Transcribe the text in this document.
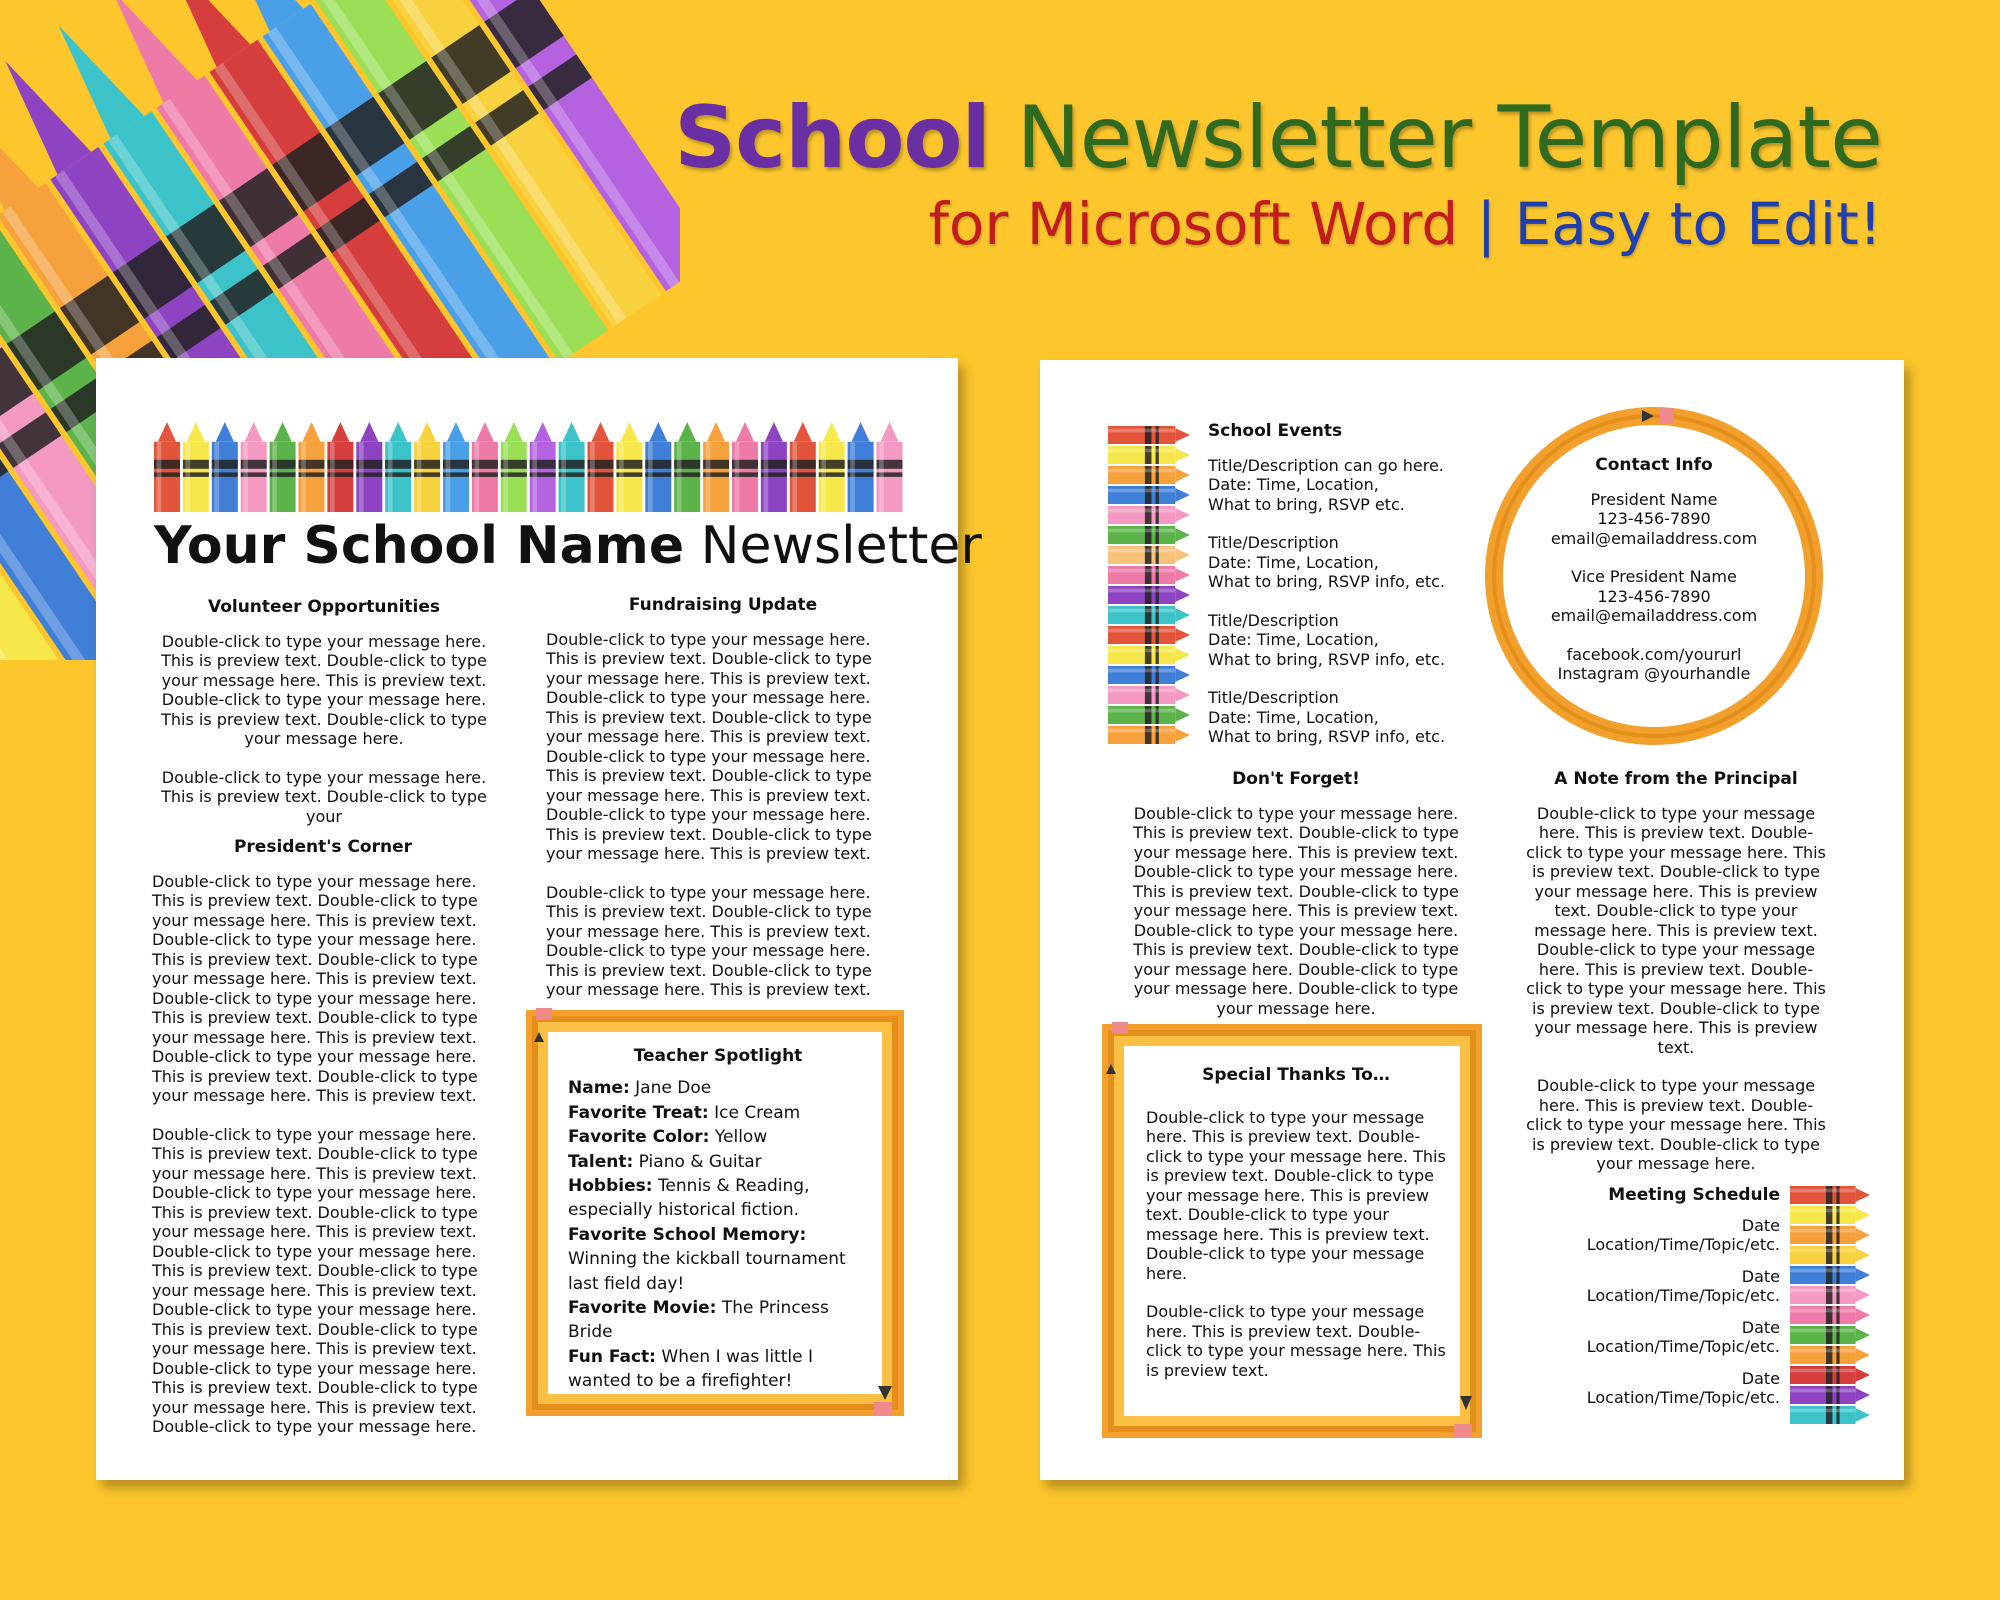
School Newsletter Template
for Microsoft Word | Easy to Edit!
Your School Name Newsletter
Volunteer Opportunities

Double-click to type your message here. This is preview text. Double-click to type your message here. This is preview text. Double-click to type your message here. This is preview text. Double-click to type your message here.

Double-click to type your message here. This is preview text. Double-click to type your

President's Corner

Double-click to type your message here. This is preview text. Double-click to type your message here. This is preview text. Double-click to type your message here. This is preview text. Double-click to type your message here. This is preview text. Double-click to type your message here. This is preview text. Double-click to type your message here. This is preview text. Double-click to type your message here. This is preview text. Double-click to type your message here. This is preview text.

Double-click to type your message here. This is preview text. Double-click to type your message here. This is preview text. Double-click to type your message here. This is preview text. Double-click to type your message here. This is preview text. Double-click to type your message here. This is preview text. Double-click to type your message here. This is preview text. Double-click to type your message here. This is preview text. Double-click to type your message here. This is preview text. Double-click to type your message here. This is preview text. Double-click to type your message here. This is preview text. Double-click to type your message here.

Fundraising Update

Double-click to type your message here. This is preview text. Double-click to type your message here. This is preview text. Double-click to type your message here. This is preview text. Double-click to type your message here. This is preview text. Double-click to type your message here. This is preview text. Double-click to type your message here. This is preview text. Double-click to type your message here. This is preview text. Double-click to type your message here. This is preview text.

Double-click to type your message here. This is preview text. Double-click to type your message here. This is preview text. Double-click to type your message here. This is preview text. Double-click to type your message here. This is preview text.

Teacher Spotlight
Name: Jane Doe
Favorite Treat: Ice Cream
Favorite Color: Yellow
Talent: Piano & Guitar
Hobbies: Tennis & Reading, especially historical fiction.
Favorite School Memory: Winning the kickball tournament last field day!
Favorite Movie: The Princess Bride
Fun Fact: When I was little I wanted to be a firefighter!
School Events
Title/Description can go here.
Date: Time, Location,
What to bring, RSVP etc.
Title/Description
Date: Time, Location,
What to bring, RSVP info, etc.
Title/Description
Date: Time, Location,
What to bring, RSVP info, etc.
Title/Description
Date: Time, Location,
What to bring, RSVP info, etc.
Contact Info

President Name
123-456-7890
email@emailaddress.com

Vice President Name
123-456-7890
email@emailaddress.com

facebook.com/yoururl
Instagram @yourhandle

Don't Forget!

Double-click to type your message here. This is preview text. Double-click to type your message here. This is preview text. Double-click to type your message here. This is preview text. Double-click to type your message here. This is preview text. Double-click to type your message here. This is preview text. Double-click to type your message here. Double-click to type your message here. Double-click to type your message here.

A Note from the Principal

Double-click to type your message here. This is preview text. Double-click to type your message here. This is preview text. Double-click to type your message here. This is preview text. Double-click to type your message here. This is preview text. Double-click to type your message here. This is preview text. Double-click to type your message here. This is preview text. Double-click to type your message here. This is preview text.

Double-click to type your message here. This is preview text. Double-click to type your message here. This is preview text. Double-click to type your message here.

Special Thanks To…

Double-click to type your message here. This is preview text. Double-click to type your message here. This is preview text. Double-click to type your message here. This is preview text. Double-click to type your message here. This is preview text. Double-click to type your message here.

Double-click to type your message here. This is preview text. Double-click to type your message here. This is preview text.

Meeting Schedule
Date
Location/Time/Topic/etc.
Date
Location/Time/Topic/etc.
Date
Location/Time/Topic/etc.
Date
Location/Time/Topic/etc.
